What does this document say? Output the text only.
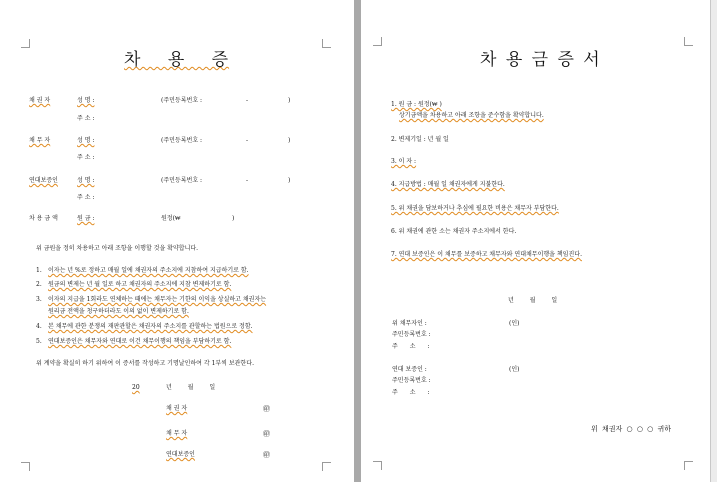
차 용 증
채 권 자	성 명 :	(주민등록번호 :	-	)
주 소 :
채 무 자	성 명 :	(주민등록번호 :	-	)
주 소 :
연대보증인	성 명 :	(주민등록번호 :	-	)
주 소 :
차 용 금 액	원 금 :	원정(₩	)
위 금원을 정히 차용하고 아래 조항을 이행할 것을 확약합니다.
1. 이자는 년 %로 정하고 매월 일에 채권자의 주소지에 지참하여 지급하기로 함.
2. 원금의 변제는 년 월 일로 하고 채권자의 주소지에 지참 변제하기로 함.
3. 이자의 지급을 1회라도 연체하는 때에는 채무자는 기한의 이익을 상실하고 채권자는
원리금 전액을 청구하더라도 이의 없이 변제하기로 함.
4. 본 채무에 관한 분쟁의 재판관할은 채권자의 주소지를 관할하는 법원으로 정함.
5. 연대보증인은 채무자와 연대로 이건 채무이행의 책임을 부담하기로 함.
위 계약을 확실히 하기 위하여 이 증서를 작성하고 기명날인하여 각 1부씩 보관한다.
20	년 월 일
채 권 자	㊞
채 무 자	㊞
연대보증인	㊞
차 용 금 증 서
1. 원 금 : 원정(₩ )
상기금액을 차용하고 아래 조항을 준수함을 확약합니다.
2. 변제기일 : 년 월 일
3. 이 자 :
4. 지급방법 : 매월 일 채권자에게 지불한다.
5. 위 채권을 담보하거나 추심에 필요한 비용은 채무자 부담한다.
6. 위 채권에 관한 소는 채권자 주소지에서 한다.
7. 연대 보증인은 이 채무를 보증하고 채무자와 연대채무이행을 책임진다.
년 월 일
위 채무자인 :	(인)
주민등록번호 :
주 소 :
연대 보증인 :	(인)
주민등록번호 :
주 소 :
위 채권자 ○ ○ ○ 귀하
